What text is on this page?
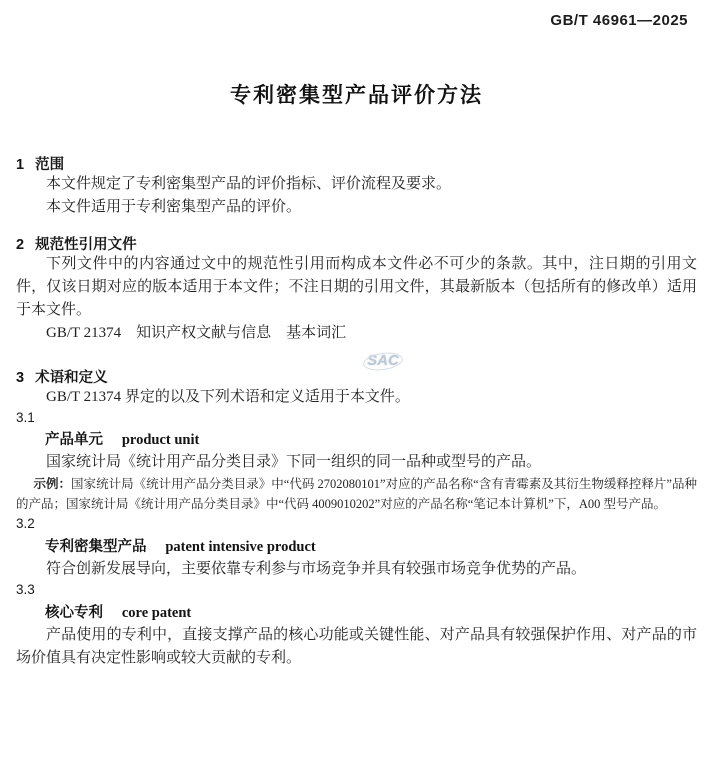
SAC
GB/T 46961—2025
专利密集型产品评价方法
1 范围

本文件规定了专利密集型产品的评价指标、评价流程及要求。

本文件适用于专利密集型产品的评价。

2 规范性引用文件

下列文件中的内容通过文中的规范性引用而构成本文件必不可少的条款。其中，注日期的引用文件，仅该日期对应的版本适用于本文件；不注日期的引用文件，其最新版本（包括所有的修改单）适用于本文件。

GB/T 21374　知识产权文献与信息　基本词汇

3 术语和定义

GB/T 21374 界定的以及下列术语和定义适用于本文件。

3.1
产品单元 product unit

国家统计局《统计用产品分类目录》下同一组织的同一品种或型号的产品。

示例：国家统计局《统计用产品分类目录》中“代码 2702080101”对应的产品名称“含有青霉素及其衍生物缓释控释片”品种的产品；国家统计局《统计用产品分类目录》中“代码 4009010202”对应的产品名称“笔记本计算机”下，A00 型号产品。

3.2
专利密集型产品 patent intensive product

符合创新发展导向，主要依靠专利参与市场竞争并具有较强市场竞争优势的产品。

3.3
核心专利 core patent

产品使用的专利中，直接支撑产品的核心功能或关键性能、对产品具有较强保护作用、对产品的市场价值具有决定性影响或较大贡献的专利。
